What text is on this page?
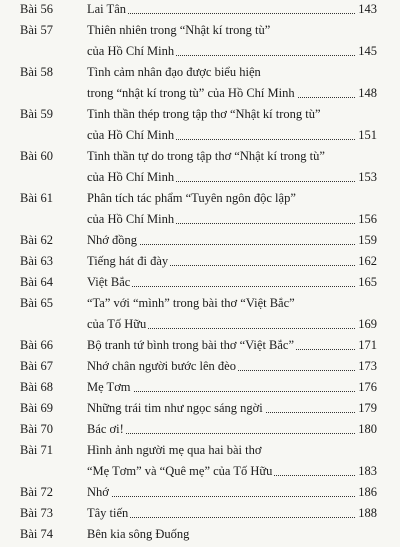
Bài 56	Lai Tân	143
Bài 57	Thiên nhiên trong “Nhật kí trong tù”
của Hồ Chí Minh	145
Bài 58	Tình cảm nhân đạo được biểu hiện
trong “nhật kí trong tù” của Hồ Chí Minh	148
Bài 59	Tinh thần thép trong tập thơ “Nhật kí trong tù”
của Hồ Chí Minh	151
Bài 60	Tinh thần tự do trong tập thơ “Nhật kí trong tù”
của Hồ Chí Minh	153
Bài 61	Phân tích tác phẩm “Tuyên ngôn độc lập”
của Hồ Chí Minh	156
Bài 62	Nhớ đồng	159
Bài 63	Tiếng hát đi đày	162
Bài 64	Việt Bắc	165
Bài 65	“Ta” với “mình” trong bài thơ “Việt Bắc”
của Tố Hữu	169
Bài 66	Bộ tranh tứ bình trong bài thơ “Việt Bắc”	171
Bài 67	Nhớ chân người bước lên đèo	173
Bài 68	Mẹ Tơm	176
Bài 69	Những trái tim như ngọc sáng ngời	179
Bài 70	Bác ơi!	180
Bài 71	Hình ảnh người mẹ qua hai bài thơ
“Mẹ Tơm” và “Quê mẹ” của Tố Hữu	183
Bài 72	Nhớ	186
Bài 73	Tây tiến	188
Bài 74	Bên kia sông Đuống
